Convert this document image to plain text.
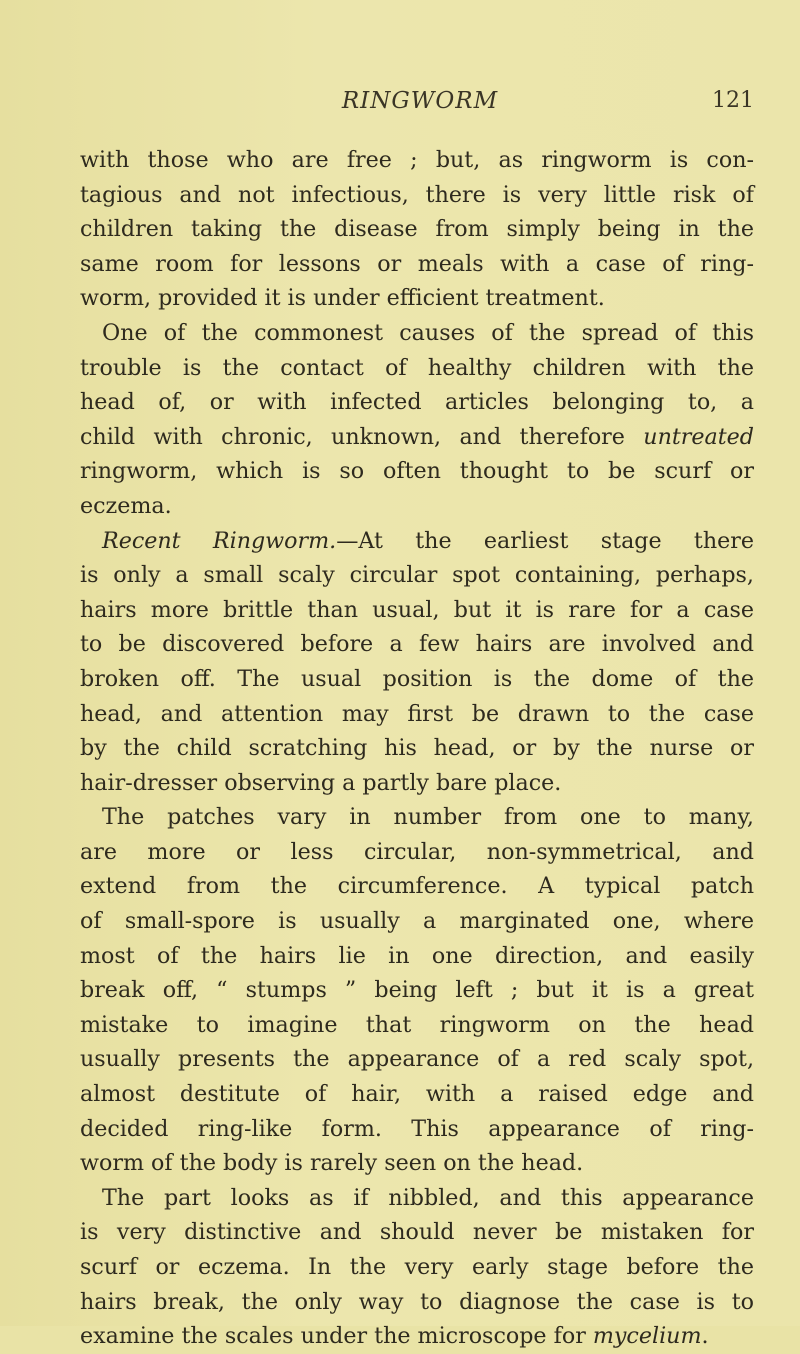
RINGWORM	121
with those who are free ; but, as ringworm is con-
tagious and not infectious, there is very little risk of
children taking the disease from simply being in the
same room for lessons or meals with a case of ring-
worm, provided it is under efficient treatment.
One of the commonest causes of the spread of this
trouble is the contact of healthy children with the
head of, or with infected articles belonging to, a
child with chronic, unknown, and therefore untreated
ringworm, which is so often thought to be scurf or
eczema.
Recent Ringworm.—At the earliest stage there
is only a small scaly circular spot containing, perhaps,
hairs more brittle than usual, but it is rare for a case
to be discovered before a few hairs are involved and
broken off. The usual position is the dome of the
head, and attention may first be drawn to the case
by the child scratching his head, or by the nurse or
hair-dresser observing a partly bare place.
The patches vary in number from one to many,
are more or less circular, non-symmetrical, and
extend from the circumference. A typical patch
of small-spore is usually a marginated one, where
most of the hairs lie in one direction, and easily
break off, “ stumps ” being left ; but it is a great
mistake to imagine that ringworm on the head
usually presents the appearance of a red scaly spot,
almost destitute of hair, with a raised edge and
decided ring-like form. This appearance of ring-
worm of the body is rarely seen on the head.
The part looks as if nibbled, and this appearance
is very distinctive and should never be mistaken for
scurf or eczema. In the very early stage before the
hairs break, the only way to diagnose the case is to
examine the scales under the microscope for mycelium.
